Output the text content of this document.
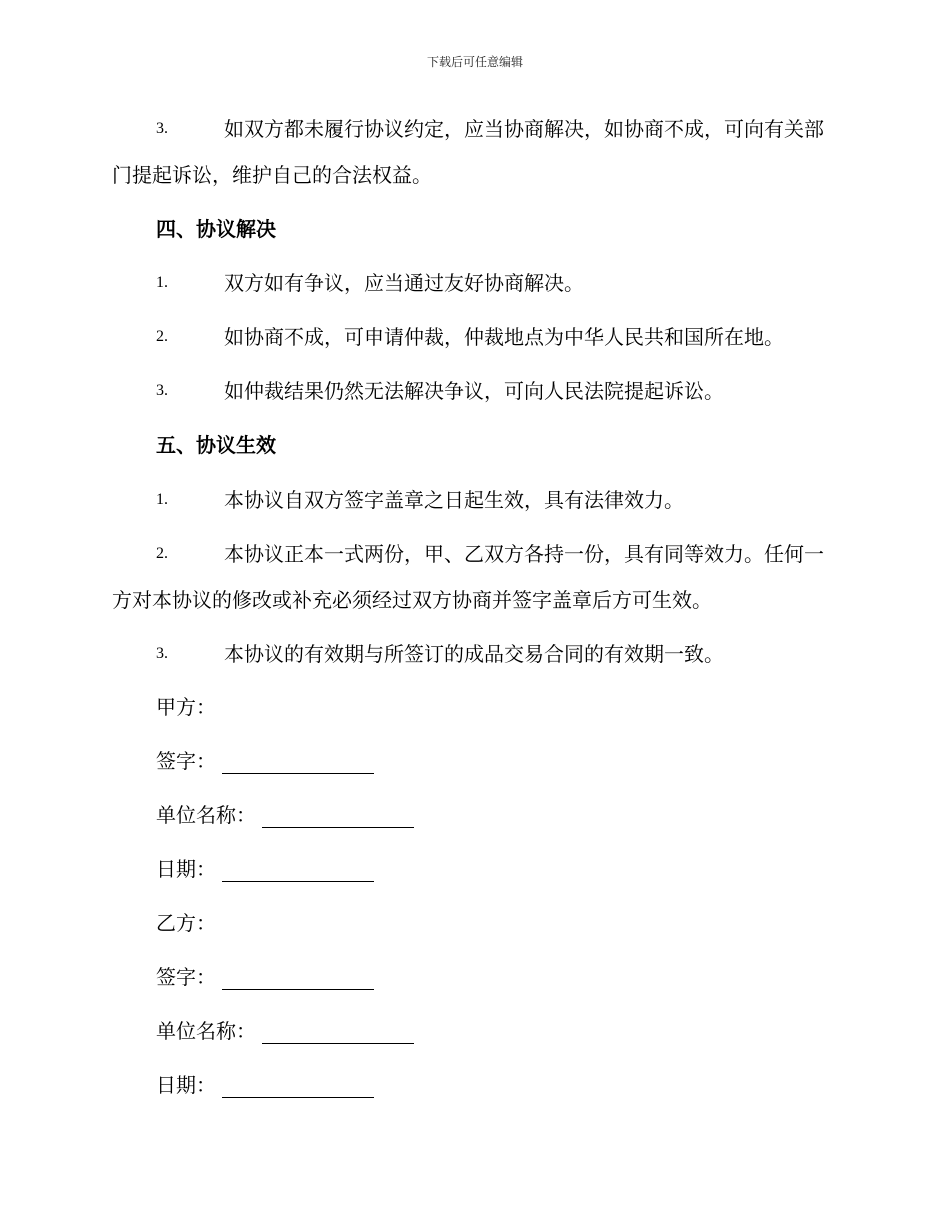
下载后可任意编辑
3.	如双方都未履行协议约定，应当协商解决，如协商不成，可向有关部门提起诉讼，维护自己的合法权益。
四、协议解决
1.	双方如有争议，应当通过友好协商解决。
2.	如协商不成，可申请仲裁，仲裁地点为中华人民共和国所在地。
3.	如仲裁结果仍然无法解决争议，可向人民法院提起诉讼。
五、协议生效
1.	本协议自双方签字盖章之日起生效，具有法律效力。
2.	本协议正本一式两份，甲、乙双方各持一份，具有同等效力。任何一方对本协议的修改或补充必须经过双方协商并签字盖章后方可生效。
3.	本协议的有效期与所签订的成品交易合同的有效期一致。
甲方：
签字：
单位名称：
日期：
乙方：
签字：
单位名称：
日期：
